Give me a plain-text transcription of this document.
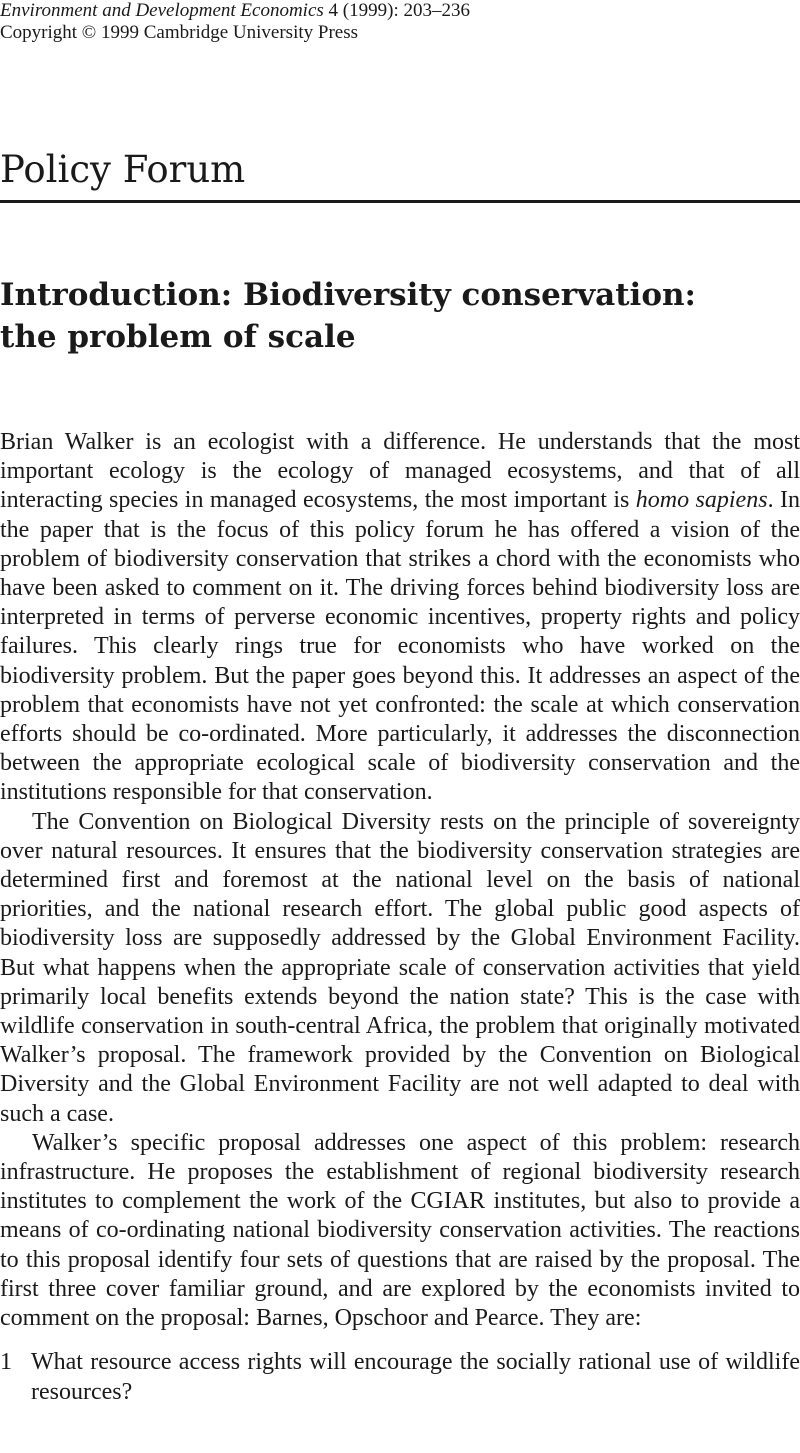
Environment and Development Economics 4 (1999): 203–236
Copyright © 1999 Cambridge University Press
Policy Forum
Introduction: Biodiversity conservation:
the problem of scale

Brian Walker is an ecologist with a difference. He understands that the most important ecology is the ecology of managed ecosystems, and that of all interacting species in managed ecosystems, the most important is homo sapiens. In the paper that is the focus of this policy forum he has offered a vision of the problem of biodiversity conservation that strikes a chord with the economists who have been asked to comment on it. The driving forces behind biodiversity loss are interpreted in terms of perverse economic incentives, property rights and policy failures. This clearly rings true for economists who have worked on the biodiversity problem. But the paper goes beyond this. It addresses an aspect of the problem that economists have not yet confronted: the scale at which conservation efforts should be co-ordinated. More particularly, it addresses the disconnection between the appropriate ecological scale of biodiversity conservation and the institutions responsible for that conservation.

The Convention on Biological Diversity rests on the principle of sovereignty over natural resources. It ensures that the biodiversity conservation strategies are determined first and foremost at the national level on the basis of national priorities, and the national research effort. The global public good aspects of biodiversity loss are supposedly addressed by the Global Environment Facility. But what happens when the appropriate scale of conservation activities that yield primarily local benefits extends beyond the nation state? This is the case with wildlife conservation in south-central Africa, the problem that originally motivated Walker’s proposal. The framework provided by the Convention on Biological Diversity and the Global Environment Facility are not well adapted to deal with such a case.

Walker’s specific proposal addresses one aspect of this problem: research infrastructure. He proposes the establishment of regional biodiversity research institutes to complement the work of the CGIAR institutes, but also to provide a means of co-ordinating national biodiversity conservation activities. The reactions to this proposal identify four sets of questions that are raised by the proposal. The first three cover familiar ground, and are explored by the economists invited to comment on the proposal: Barnes, Opschoor and Pearce. They are:

1 What resource access rights will encourage the socially rational use of wildlife resources?
